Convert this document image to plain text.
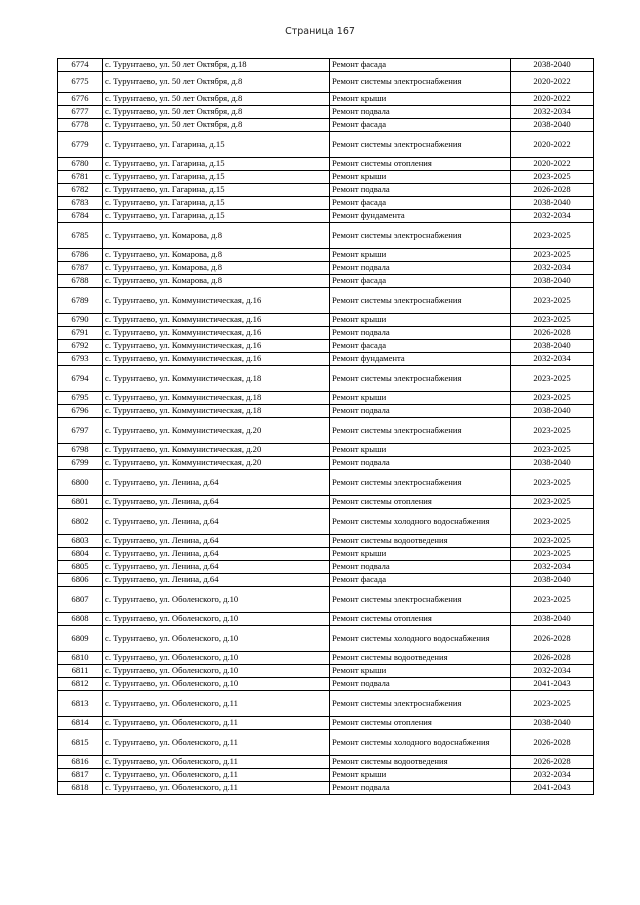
Страница 167
6774	с. Турунтаево, ул. 50 лет Октября, д.18	Ремонт фасада	2038-2040
6775	с. Турунтаево, ул. 50 лет Октября, д.8	Ремонт системы электроснабжения	2020-2022
6776	с. Турунтаево, ул. 50 лет Октября, д.8	Ремонт крыши	2020-2022
6777	с. Турунтаево, ул. 50 лет Октября, д.8	Ремонт подвала	2032-2034
6778	с. Турунтаево, ул. 50 лет Октября, д.8	Ремонт фасада	2038-2040
6779	с. Турунтаево, ул. Гагарина, д.15	Ремонт системы электроснабжения	2020-2022
6780	с. Турунтаево, ул. Гагарина, д.15	Ремонт системы отопления	2020-2022
6781	с. Турунтаево, ул. Гагарина, д.15	Ремонт крыши	2023-2025
6782	с. Турунтаево, ул. Гагарина, д.15	Ремонт подвала	2026-2028
6783	с. Турунтаево, ул. Гагарина, д.15	Ремонт фасада	2038-2040
6784	с. Турунтаево, ул. Гагарина, д.15	Ремонт фундамента	2032-2034
6785	с. Турунтаево, ул. Комарова, д.8	Ремонт системы электроснабжения	2023-2025
6786	с. Турунтаево, ул. Комарова, д.8	Ремонт крыши	2023-2025
6787	с. Турунтаево, ул. Комарова, д.8	Ремонт подвала	2032-2034
6788	с. Турунтаево, ул. Комарова, д.8	Ремонт фасада	2038-2040
6789	с. Турунтаево, ул. Коммунистическая, д.16	Ремонт системы электроснабжения	2023-2025
6790	с. Турунтаево, ул. Коммунистическая, д.16	Ремонт крыши	2023-2025
6791	с. Турунтаево, ул. Коммунистическая, д.16	Ремонт подвала	2026-2028
6792	с. Турунтаево, ул. Коммунистическая, д.16	Ремонт фасада	2038-2040
6793	с. Турунтаево, ул. Коммунистическая, д.16	Ремонт фундамента	2032-2034
6794	с. Турунтаево, ул. Коммунистическая, д.18	Ремонт системы электроснабжения	2023-2025
6795	с. Турунтаево, ул. Коммунистическая, д.18	Ремонт крыши	2023-2025
6796	с. Турунтаево, ул. Коммунистическая, д.18	Ремонт подвала	2038-2040
6797	с. Турунтаево, ул. Коммунистическая, д.20	Ремонт системы электроснабжения	2023-2025
6798	с. Турунтаево, ул. Коммунистическая, д.20	Ремонт крыши	2023-2025
6799	с. Турунтаево, ул. Коммунистическая, д.20	Ремонт подвала	2038-2040
6800	с. Турунтаево, ул. Ленина, д.64	Ремонт системы электроснабжения	2023-2025
6801	с. Турунтаево, ул. Ленина, д.64	Ремонт системы отопления	2023-2025
6802	с. Турунтаево, ул. Ленина, д.64	Ремонт системы холодного водоснабжения	2023-2025
6803	с. Турунтаево, ул. Ленина, д.64	Ремонт системы водоотведения	2023-2025
6804	с. Турунтаево, ул. Ленина, д.64	Ремонт крыши	2023-2025
6805	с. Турунтаево, ул. Ленина, д.64	Ремонт подвала	2032-2034
6806	с. Турунтаево, ул. Ленина, д.64	Ремонт фасада	2038-2040
6807	с. Турунтаево, ул. Оболенского, д.10	Ремонт системы электроснабжения	2023-2025
6808	с. Турунтаево, ул. Оболенского, д.10	Ремонт системы отопления	2038-2040
6809	с. Турунтаево, ул. Оболенского, д.10	Ремонт системы холодного водоснабжения	2026-2028
6810	с. Турунтаево, ул. Оболенского, д.10	Ремонт системы водоотведения	2026-2028
6811	с. Турунтаево, ул. Оболенского, д.10	Ремонт крыши	2032-2034
6812	с. Турунтаево, ул. Оболенского, д.10	Ремонт подвала	2041-2043
6813	с. Турунтаево, ул. Оболенского, д.11	Ремонт системы электроснабжения	2023-2025
6814	с. Турунтаево, ул. Оболенского, д.11	Ремонт системы отопления	2038-2040
6815	с. Турунтаево, ул. Оболенского, д.11	Ремонт системы холодного водоснабжения	2026-2028
6816	с. Турунтаево, ул. Оболенского, д.11	Ремонт системы водоотведения	2026-2028
6817	с. Турунтаево, ул. Оболенского, д.11	Ремонт крыши	2032-2034
6818	с. Турунтаево, ул. Оболенского, д.11	Ремонт подвала	2041-2043
